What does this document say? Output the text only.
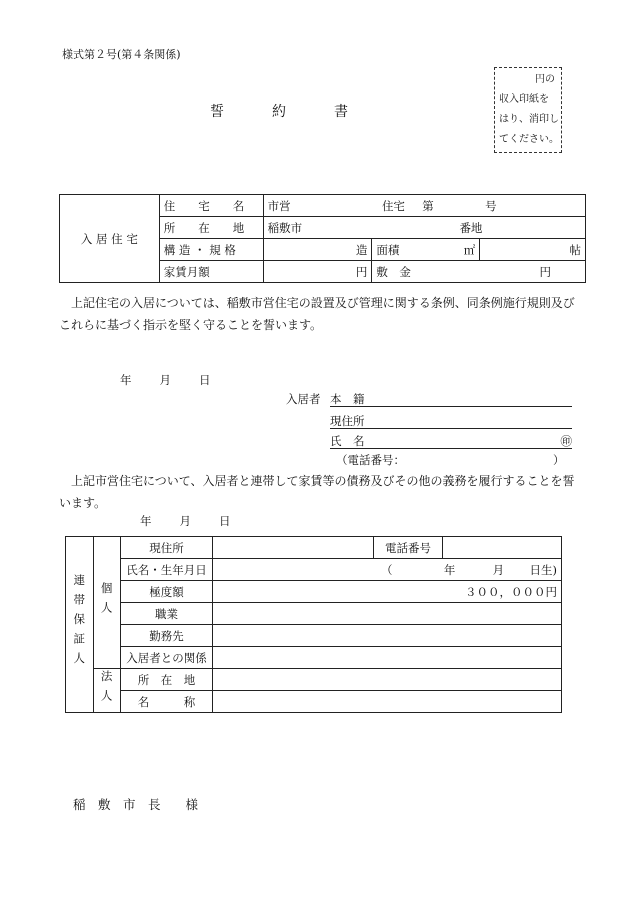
様式第２号(第４条関係)
誓	約	書
円の
収入印紙を
はり、消印し
てください。
入 居 住 宅	住　　宅　　名	市営 住宅 第 号		
	所　　在　　地	稲敷市 番地		
	構 造 ・ 規 格	造	面積 ㎡	帖
	家賃月額	円	敷　金 円	
上記住宅の入居については、稲敷市営住宅の設置及び管理に関する条例、同条例施行規則及びこれらに基づく指示を堅く守ることを誓います。
年 月 日
入居者 本　籍
現住所
氏　名	㊞
（電話番号：	）
上記市営住宅について、入居者と連帯して家賃等の債務及びその他の義務を履行することを誓います。
年 月 日
連帯保証人	個人	現住所		電話番号	
		氏名・生年月日	（ 年 月 日生)		
		極度額	３００，０００円		
		職業			
		勤務先			
		入居者との関係			
	法人	所　在　地			
		名　　　称			
稲　敷　市　長　　様
